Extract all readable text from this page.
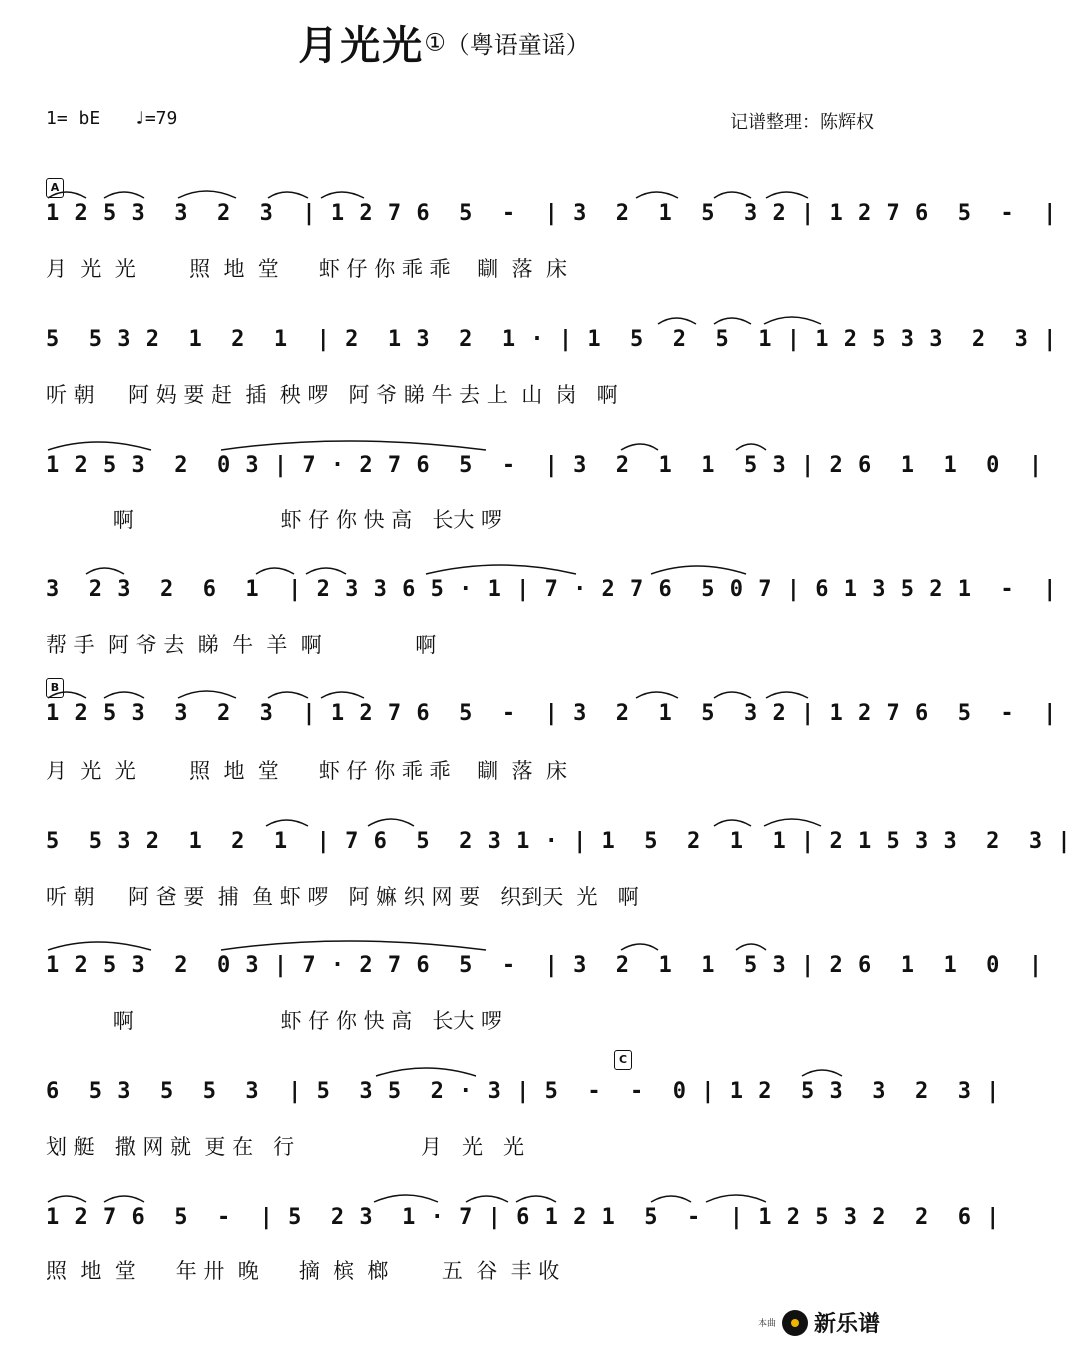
月光光①（粤语童谣）
1= bE ♩=79	记谱整理：陈辉权
A
B
C
1 2 5 3  3  2  3  | 1 2 7 6  5  -  | 3  2  1  5  3 2 | 1 2 7 6  5  -  |
月  光  光        照  地  堂      虾 仔 你 乖 乖    瞓  落  床
5  5 3 2  1  2  1  | 2  1 3  2  1 · | 1  5  2  5  1 | 1 2 5 3 3  2  3 |
听 朝     阿 妈 要 赶  插  秧 啰   阿 爷 睇 牛 去 上  山  岗   啊
1 2 5 3  2  0 3 | 7 · 2 7 6  5  -  | 3  2  1  1  5 3 | 2 6  1  1  0  |
啊                      虾 仔 你 快 高   长大 啰
3  2 3  2  6  1  | 2 3 3 6 5 · 1 | 7 · 2 7 6  5 0 7 | 6 1 3 5 2 1  -  |
帮 手  阿 爷 去  睇  牛  羊  啊              啊
1 2 5 3  3  2  3  | 1 2 7 6  5  -  | 3  2  1  5  3 2 | 1 2 7 6  5  -  |
月  光  光        照  地  堂      虾 仔 你 乖 乖    瞓  落  床
5  5 3 2  1  2  1  | 7 6  5  2 3 1 · | 1  5  2  1  1 | 2 1 5 3 3  2  3 |
听 朝     阿 爸 要  捕  鱼 虾 啰   阿 嫲 织 网 要   织到天  光   啊
1 2 5 3  2  0 3 | 7 · 2 7 6  5  -  | 3  2  1  1  5 3 | 2 6  1  1  0  |
啊                      虾 仔 你 快 高   长大 啰
6  5 3  5  5  3  | 5  3 5  2 · 3 | 5  -  -  0 | 1 2  5 3  3  2  3 |
划 艇   撒 网 就  更 在   行                   月   光   光
1 2 7 6  5  -  | 5  2 3  1 · 7 | 6 1 2 1  5  -  | 1 2 5 3 2  2  6 |
照  地  堂      年 卅  晚      摘  槟  榔        五  谷  丰 收
本曲 新乐谱
